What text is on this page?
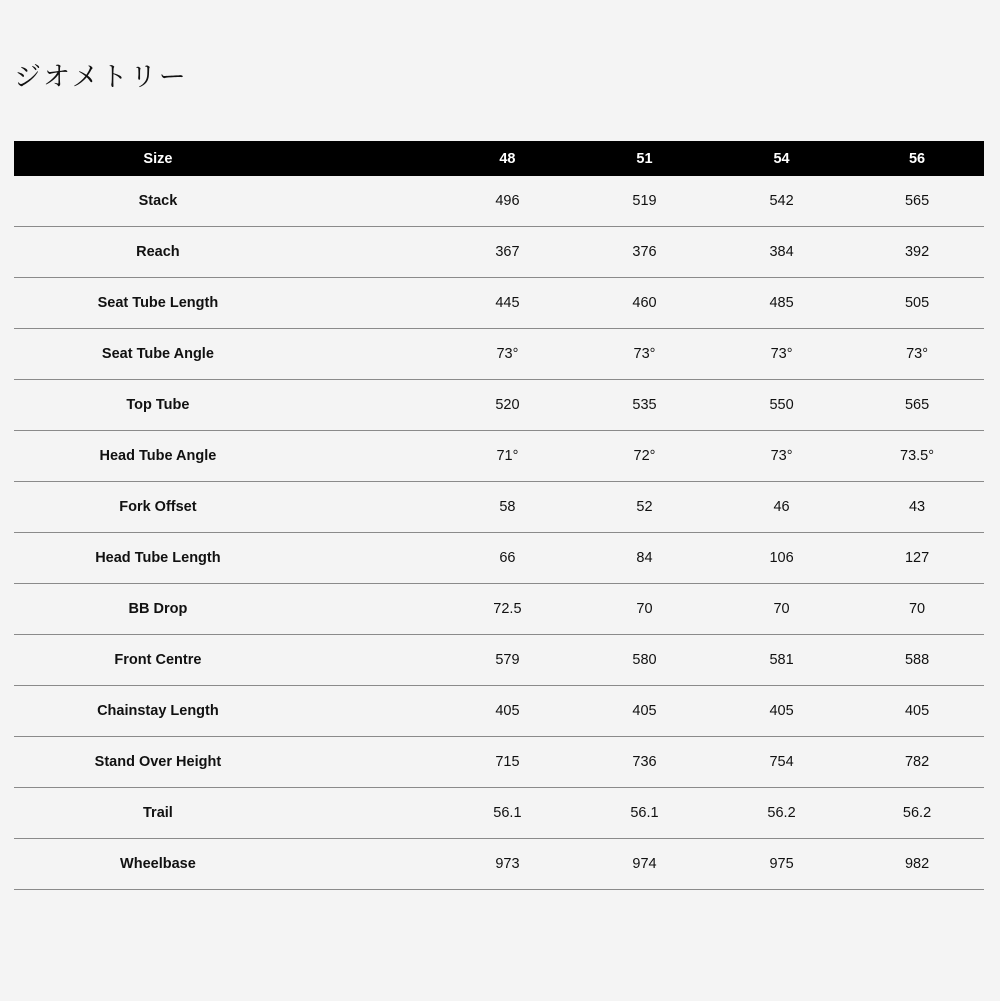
ジオメトリー
Size		48	51	54	56
Stack		496	519	542	565
Reach		367	376	384	392
Seat Tube Length		445	460	485	505
Seat Tube Angle		73°	73°	73°	73°
Top Tube		520	535	550	565
Head Tube Angle		71°	72°	73°	73.5°
Fork Offset		58	52	46	43
Head Tube Length		66	84	106	127
BB Drop		72.5	70	70	70
Front Centre		579	580	581	588
Chainstay Length		405	405	405	405
Stand Over Height		715	736	754	782
Trail		56.1	56.1	56.2	56.2
Wheelbase		973	974	975	982
